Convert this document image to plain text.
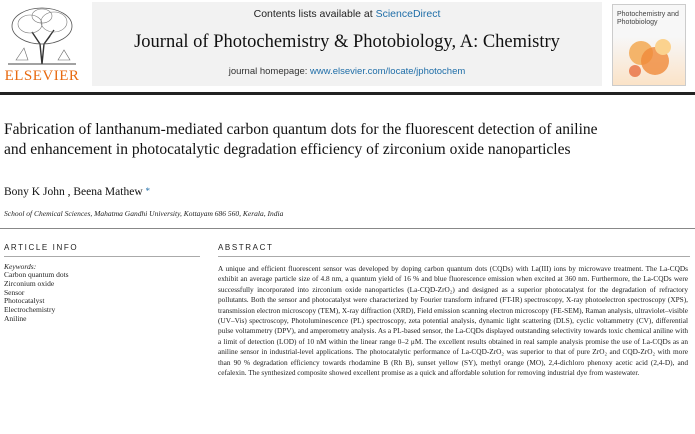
ELSEVIER
Contents lists available at ScienceDirect
Journal of Photochemistry & Photobiology, A: Chemistry
journal homepage: www.elsevier.com/locate/jphotochem
Photochemistry and Photobiology
Fabrication of lanthanum-mediated carbon quantum dots for the fluorescent detection of aniline and enhancement in photocatalytic degradation efficiency of zirconium oxide nanoparticles
Bony K John , Beena Mathew *
School of Chemical Sciences, Mahatma Gandhi University, Kottayam 686 560, Kerala, India
ARTICLE INFO	ABSTRACT
Keywords:
Carbon quantum dots
Zirconium oxide
Sensor
Photocatalyst
Electrochemistry
Aniline

A unique and efficient fluorescent sensor was developed by doping carbon quantum dots (CQDs) with La(III) ions by microwave treatment. The La-CQDs exhibit an average particle size of 4.8 nm, a quantum yield of 16 % and blue fluorescence emission when excited at 360 nm. Furthermore, the La-CQDs were successfully incorporated into zirconium oxide nanoparticles (La-CQD-ZrO₂) and designed as a superior photocatalyst for the degradation of refractory pollutants. Both the sensor and photocatalyst were characterized by Fourier transform infrared (FT-IR) spectroscopy, X-ray photoelectron spectroscopy (XPS), transmission electron microscopy (TEM), X-ray diffraction (XRD), Field emission scanning electron microscopy (FE-SEM), Raman analysis, ultraviolet–visible (UV–Vis) spectroscopy, Photoluminescence (PL) spectroscopy, zeta potential analysis, dynamic light scattering (DLS), cyclic voltammetry (CV), differential pulse voltammetry (DPV), and amperometry analysis. As a PL-based sensor, the La-CQDs displayed outstanding selectivity towards toxic chemical aniline with a limit of detection (LOD) of 10 nM within the linear range 0–2 μM. The excellent results obtained in real sample analysis promise the use of La-CQDs as an aniline sensor in industrial-level applications. The photocatalytic performance of La-CQD-ZrO₂ was superior to that of pure ZrO₂ and CQD-ZrO₂ with more than 90 % degradation efficiency towards rhodamine B (Rh B), sunset yellow (SY), methyl orange (MO), 2,4-dichloro phenoxy acetic acid (2,4-D), and cefalexin. The synthesized composite showed excellent promise as a quick and affordable solution for removing industrial dye from wastewater.
